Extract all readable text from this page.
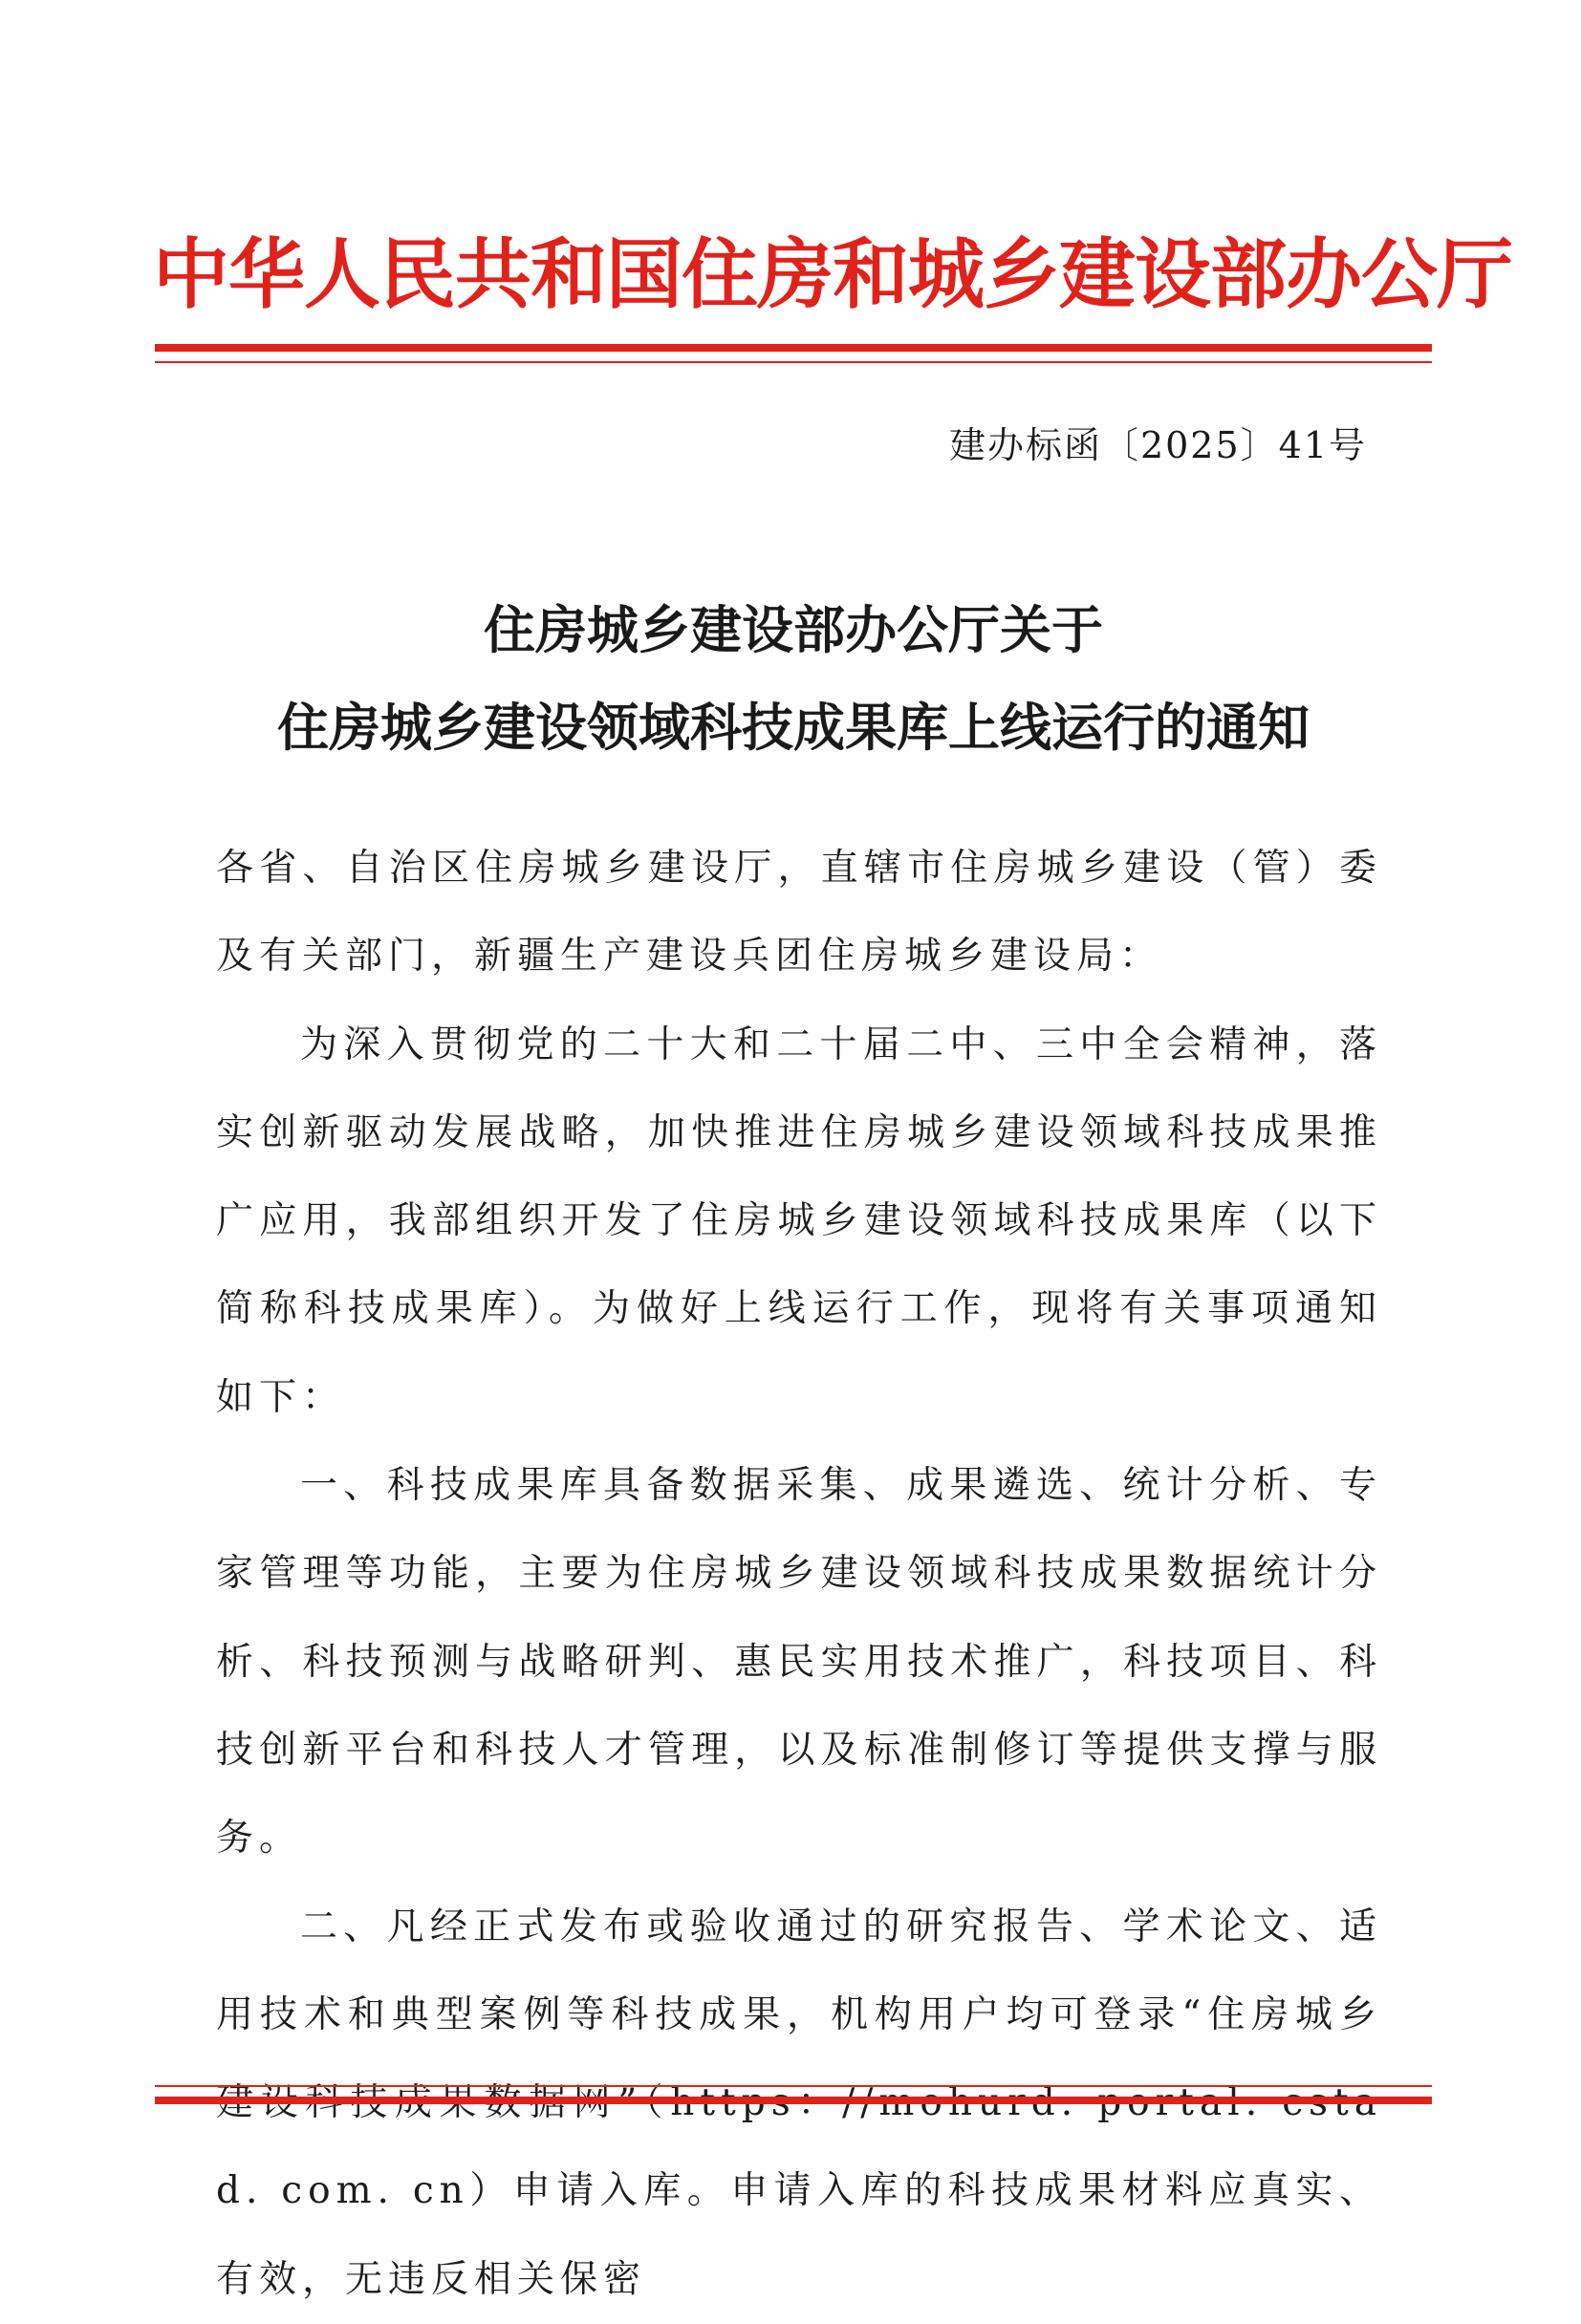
中华人民共和国住房和城乡建设部办公厅
建办标函〔2025〕41号
住房城乡建设部办公厅关于
住房城乡建设领域科技成果库上线运行的通知

各省、自治区住房城乡建设厅，直辖市住房城乡建设（管）委及有关部门，新疆生产建设兵团住房城乡建设局：

为深入贯彻党的二十大和二十届二中、三中全会精神，落实创新驱动发展战略，加快推进住房城乡建设领域科技成果推广应用，我部组织开发了住房城乡建设领域科技成果库（以下简称科技成果库）。为做好上线运行工作，现将有关事项通知如下：

一、科技成果库具备数据采集、成果遴选、统计分析、专家管理等功能，主要为住房城乡建设领域科技成果数据统计分析、科技预测与战略研判、惠民实用技术推广，科技项目、科技创新平台和科技人才管理，以及标准制修订等提供支撑与服务。

二、凡经正式发布或验收通过的研究报告、学术论文、适用技术和典型案例等科技成果，机构用户均可登录“住房城乡 d. com. cn）申请入库。申请入库的科技成果材料应真实、有效，无违反相关保密
